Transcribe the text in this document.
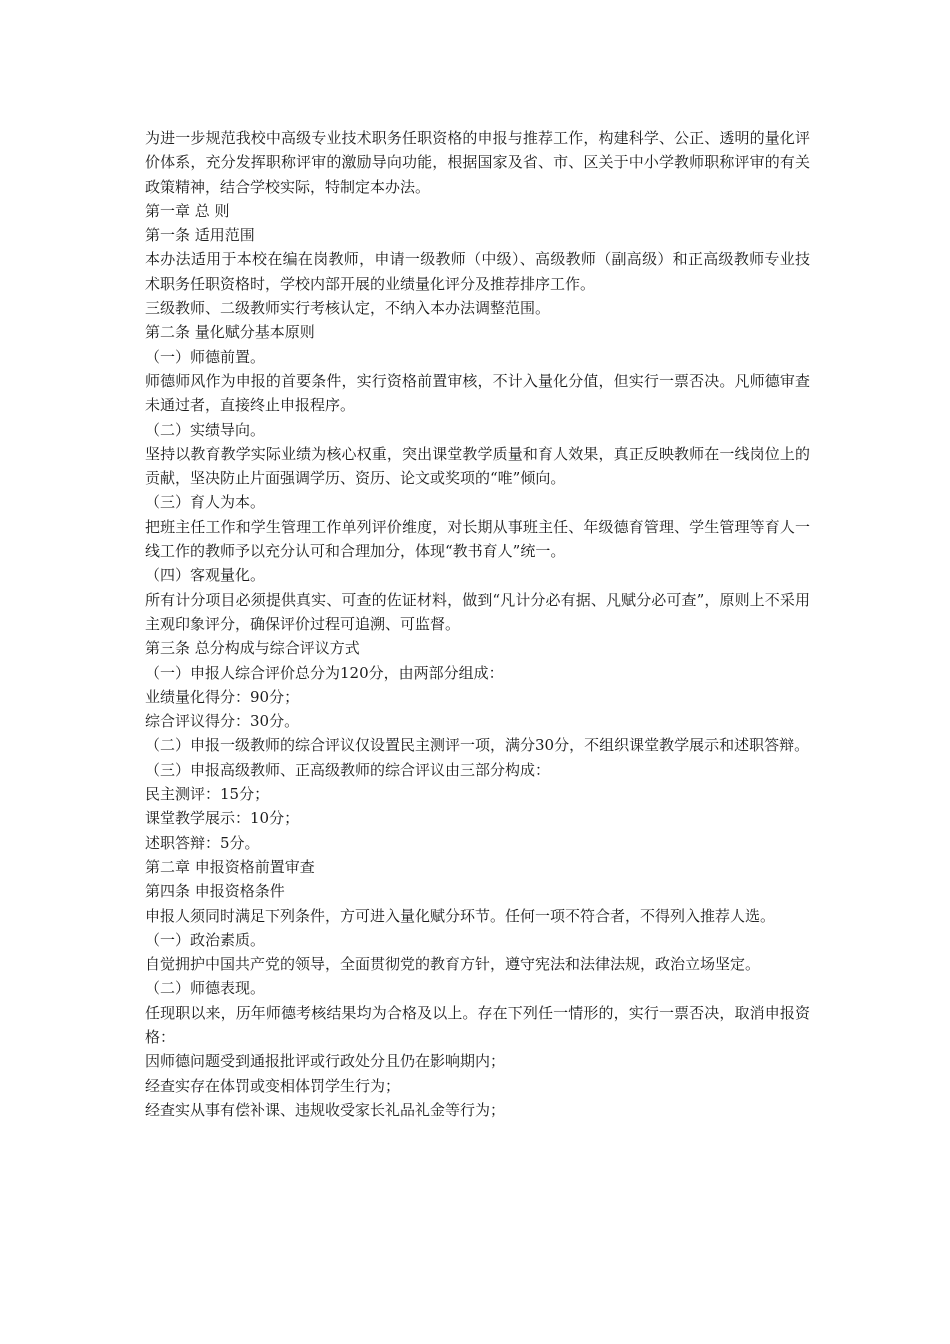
为进一步规范我校中高级专业技术职务任职资格的申报与推荐工作，构建科学、公正、透明的量化评价体系，充分发挥职称评审的激励导向功能，根据国家及省、市、区关于中小学教师职称评审的有关政策精神，结合学校实际，特制定本办法。

第一章 总 则

第一条 适用范围

本办法适用于本校在编在岗教师，申请一级教师（中级）、高级教师（副高级）和正高级教师专业技术职务任职资格时，学校内部开展的业绩量化评分及推荐排序工作。

三级教师、二级教师实行考核认定，不纳入本办法调整范围。

第二条 量化赋分基本原则

（一）师德前置。

师德师风作为申报的首要条件，实行资格前置审核，不计入量化分值，但实行一票否决。凡师德审查未通过者，直接终止申报程序。

（二）实绩导向。

坚持以教育教学实际业绩为核心权重，突出课堂教学质量和育人效果，真正反映教师在一线岗位上的贡献，坚决防止片面强调学历、资历、论文或奖项的“唯”倾向。

（三）育人为本。

把班主任工作和学生管理工作单列评价维度，对长期从事班主任、年级德育管理、学生管理等育人一线工作的教师予以充分认可和合理加分，体现“教书育人”统一。

（四）客观量化。

所有计分项目必须提供真实、可查的佐证材料，做到“凡计分必有据、凡赋分必可查”，原则上不采用主观印象评分，确保评价过程可追溯、可监督。

第三条 总分构成与综合评议方式

（一）申报人综合评价总分为120分，由两部分组成：

业绩量化得分：90分；

综合评议得分：30分。

（二）申报一级教师的综合评议仅设置民主测评一项，满分30分，不组织课堂教学展示和述职答辩。

（三）申报高级教师、正高级教师的综合评议由三部分构成：

民主测评：15分；

课堂教学展示：10分；

述职答辩：5分。

第二章 申报资格前置审查

第四条 申报资格条件

申报人须同时满足下列条件，方可进入量化赋分环节。任何一项不符合者，不得列入推荐人选。

（一）政治素质。

自觉拥护中国共产党的领导，全面贯彻党的教育方针，遵守宪法和法律法规，政治立场坚定。

（二）师德表现。

任现职以来，历年师德考核结果均为合格及以上。存在下列任一情形的，实行一票否决，取消申报资格：

因师德问题受到通报批评或行政处分且仍在影响期内；

经查实存在体罚或变相体罚学生行为；

经查实从事有偿补课、违规收受家长礼品礼金等行为；
